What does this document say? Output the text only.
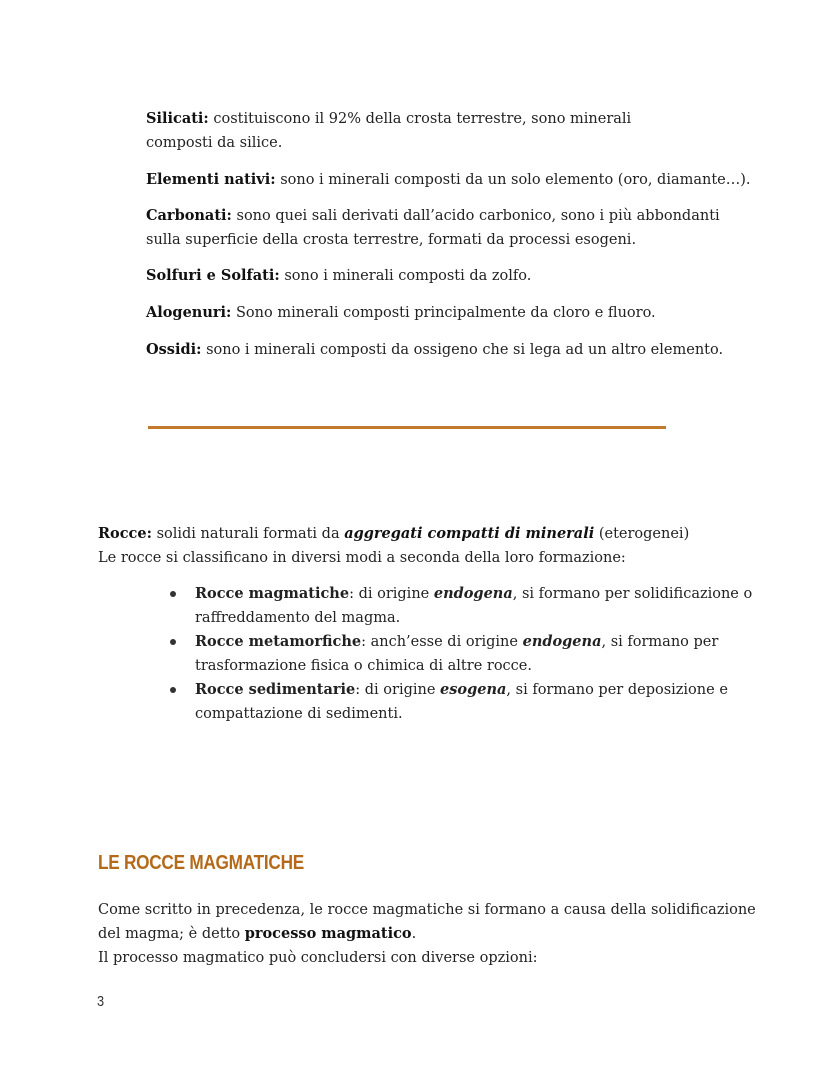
Silicati: costituiscono il 92% della crosta terrestre, sono minerali
composti da silice.
Elementi nativi: sono i minerali composti da un solo elemento (oro, diamante…).
Carbonati: sono quei sali derivati dall’acido carbonico, sono i più abbondanti
sulla superficie della crosta terrestre, formati da processi esogeni.
Solfuri e Solfati: sono i minerali composti da zolfo.
Alogenuri: Sono minerali composti principalmente da cloro e fluoro.
Ossidi: sono i minerali composti da ossigeno che si lega ad un altro elemento.
Rocce: solidi naturali formati da aggregati compatti di minerali (eterogenei)
Le rocce si classificano in diversi modi a seconda della loro formazione:
Rocce magmatiche: di origine endogena, si formano per solidificazione o raffreddamento del magma.
Rocce metamorfiche: anch’esse di origine endogena, si formano per trasformazione fisica o chimica di altre rocce.
Rocce sedimentarie: di origine esogena, si formano per deposizione e compattazione di sedimenti.
LE ROCCE MAGMATICHE
Come scritto in precedenza, le rocce magmatiche si formano a causa della solidificazione
del magma; è detto processo magmatico.
Il processo magmatico può concludersi con diverse opzioni:
3
